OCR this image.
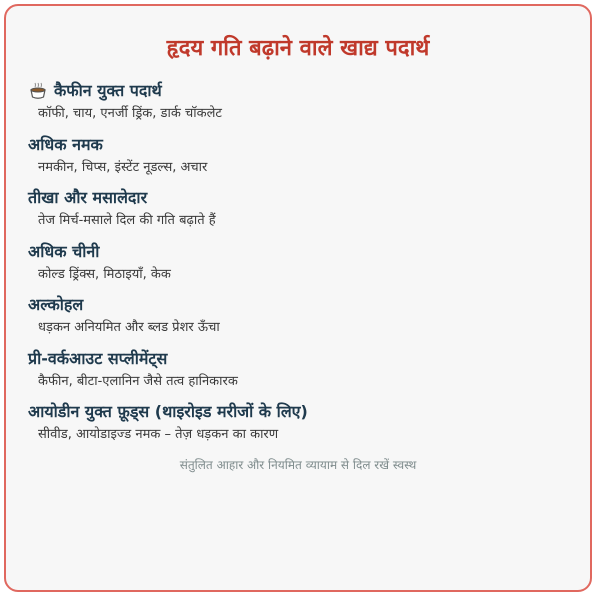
हृदय गति बढ़ाने वाले खाद्य पदार्थ
कैफीन युक्त पदार्थ
कॉफी, चाय, एनर्जी ड्रिंक, डार्क चॉकलेट
अधिक नमक
नमकीन, चिप्स, इंस्टेंट नूडल्स, अचार
तीखा और मसालेदार
तेज मिर्च-मसाले दिल की गति बढ़ाते हैं
अधिक चीनी
कोल्ड ड्रिंक्स, मिठाइयाँ, केक
अल्कोहल
धड़कन अनियमित और ब्लड प्रेशर ऊँचा
प्री-वर्कआउट सप्लीमेंट्स
कैफीन, बीटा-एलानिन जैसे तत्व हानिकारक
आयोडीन युक्त फ़ूड्स (थाइरोइड मरीजों के लिए)
सीवीड, आयोडाइज्ड नमक – तेज़ धड़कन का कारण
संतुलित आहार और नियमित व्यायाम से दिल रखें स्वस्थ
